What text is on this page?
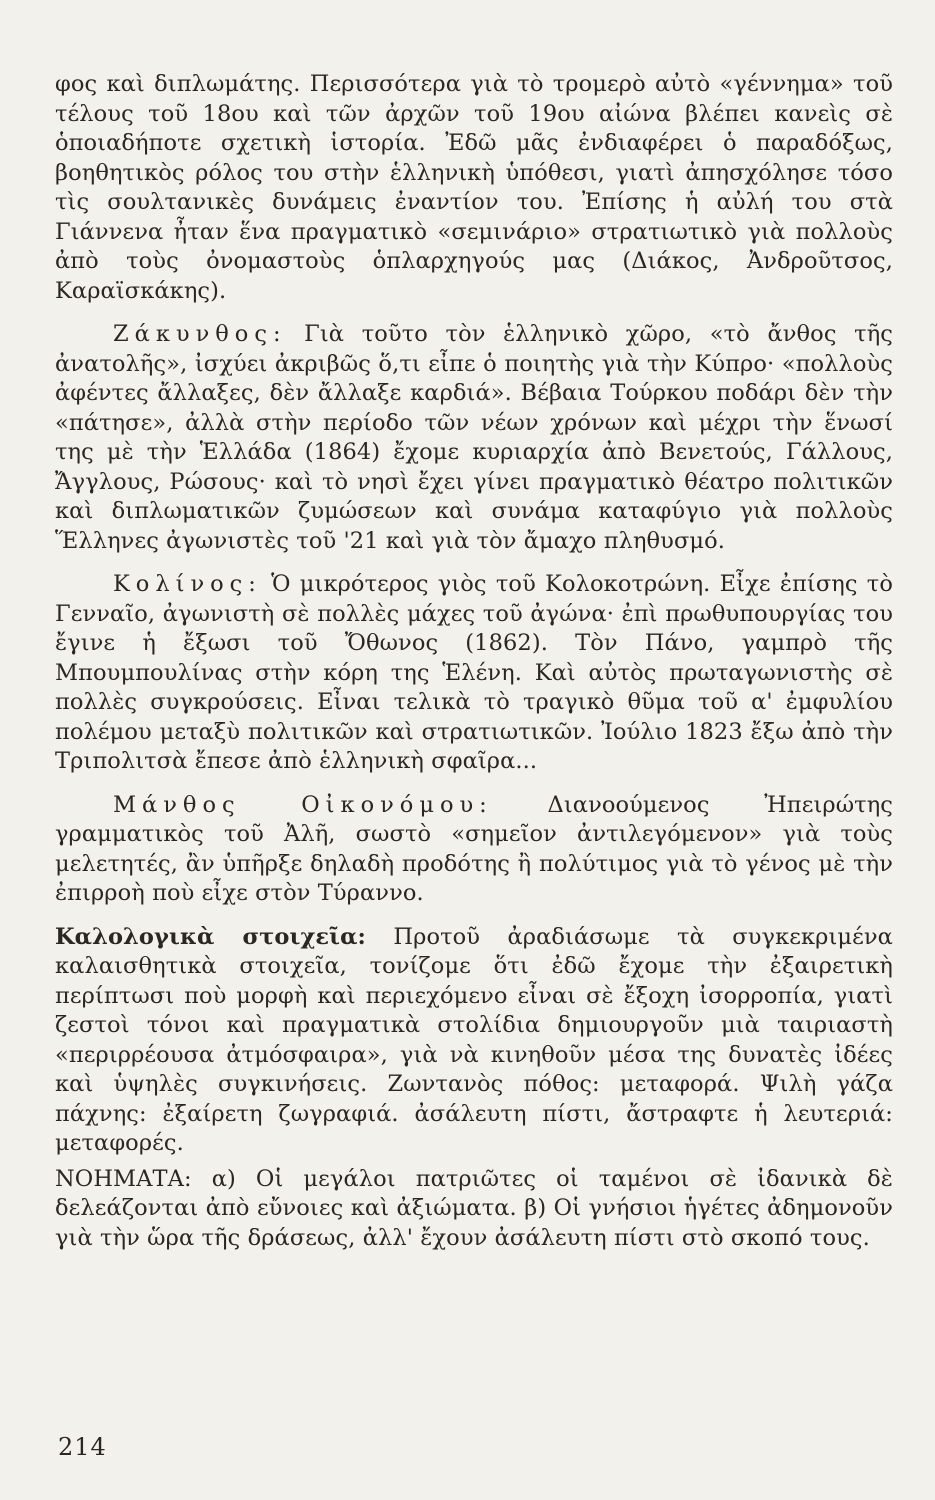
φος καὶ διπλωμάτης. Περισσότερα γιὰ τὸ τρομερὸ αὐτὸ «γέννημα» τοῦ τέλους τοῦ 18ου καὶ τῶν ἀρχῶν τοῦ 19ου αἰώνα βλέπει κανεὶς σὲ ὁποιαδήποτε σχετικὴ ἱστορία. Ἐδῶ μᾶς ἐνδιαφέρει ὁ παραδόξως, βοηθητικὸς ρόλος του στὴν ἑλληνικὴ ὑπόθεσι, γιατὶ ἀπησχόλησε τόσο τὶς σουλτανικὲς δυνάμεις ἐναντίον του. Ἐπίσης ἡ αὐλή του στὰ Γιάννενα ἦταν ἕνα πραγματικὸ «σεμινάριο» στρατιωτικὸ γιὰ πολλοὺς ἀπὸ τοὺς ὀνομαστοὺς ὁπλαρχηγούς μας (Διάκος, Ἀνδροῦτσος, Καραϊσκάκης).

Ζάκυνθος: Γιὰ τοῦτο τὸν ἑλληνικὸ χῶρο, «τὸ ἄνθος τῆς ἀνατολῆς», ἰσχύει ἀκριβῶς ὅ,τι εἶπε ὁ ποιητὴς γιὰ τὴν Κύπρο· «πολλοὺς ἀφέντες ἄλλαξες, δὲν ἄλλαξε καρδιά». Βέβαια Τούρκου ποδάρι δὲν τὴν «πάτησε», ἀλλὰ στὴν περίοδο τῶν νέων χρόνων καὶ μέχρι τὴν ἕνωσί της μὲ τὴν Ἑλλάδα (1864) ἔχομε κυριαρχία ἀπὸ Βενετούς, Γάλλους, Ἄγγλους, Ρώσους· καὶ τὸ νησὶ ἔχει γίνει πραγματικὸ θέατρο πολιτικῶν καὶ διπλωματικῶν ζυμώσεων καὶ συνάμα καταφύγιο γιὰ πολλοὺς Ἕλληνες ἀγωνιστὲς τοῦ '21 καὶ γιὰ τὸν ἄμαχο πληθυσμό.

Κολίνος: Ὁ μικρότερος γιὸς τοῦ Κολοκοτρώνη. Εἶχε ἐπίσης τὸ Γενναῖο, ἀγωνιστὴ σὲ πολλὲς μάχες τοῦ ἀγώνα· ἐπὶ πρωθυπουργίας του ἔγινε ἡ ἔξωσι τοῦ Ὄθωνος (1862). Τὸν Πάνο, γαμπρὸ τῆς Μπουμπουλίνας στὴν κόρη της Ἑλένη. Καὶ αὐτὸς πρωταγωνιστὴς σὲ πολλὲς συγκρούσεις. Εἶναι τελικὰ τὸ τραγικὸ θῦμα τοῦ α' ἐμφυλίου πολέμου μεταξὺ πολιτικῶν καὶ στρατιωτικῶν. Ἰούλιο 1823 ἔξω ἀπὸ τὴν Τριπολιτσὰ ἔπεσε ἀπὸ ἑλληνικὴ σφαῖρα...

Μάνθος Οἰκονόμου: Διανοούμενος Ἠπειρώτης γραμματικὸς τοῦ Ἀλῆ, σωστὸ «σημεῖον ἀντιλεγόμενον» γιὰ τοὺς μελετητές, ἂν ὑπῆρξε δηλαδὴ προδότης ἢ πολύτιμος γιὰ τὸ γένος μὲ τὴν ἐπιρροὴ ποὺ εἶχε στὸν Τύραννο.

Καλολογικὰ στοιχεῖα: Προτοῦ ἀραδιάσωμε τὰ συγκεκριμένα καλαισθητικὰ στοιχεῖα, τονίζομε ὅτι ἐδῶ ἔχομε τὴν ἐξαιρετικὴ περίπτωσι ποὺ μορφὴ καὶ περιεχόμενο εἶναι σὲ ἔξοχη ἰσορροπία, γιατὶ ζεστοὶ τόνοι καὶ πραγματικὰ στολίδια δημιουργοῦν μιὰ ταιριαστὴ «περιρρέουσα ἀτμόσφαιρα», γιὰ νὰ κινηθοῦν μέσα της δυνατὲς ἰδέες καὶ ὑψηλὲς συγκινήσεις. Ζωντανὸς πόθος: μεταφορά. Ψιλὴ γάζα πάχνης: ἐξαίρετη ζωγραφιά. ἀσάλευτη πίστι, ἄστραφτε ἡ λευτεριά: μεταφορές.

ΝΟΗΜΑΤΑ: α) Οἱ μεγάλοι πατριῶτες οἱ ταμένοι σὲ ἰδανικὰ δὲ δελεάζονται ἀπὸ εὔνοιες καὶ ἀξιώματα. β) Οἱ γνήσιοι ἡγέτες ἀδημονοῦν γιὰ τὴν ὥρα τῆς δράσεως, ἀλλ' ἔχουν ἀσάλευτη πίστι στὸ σκοπό τους.

214
